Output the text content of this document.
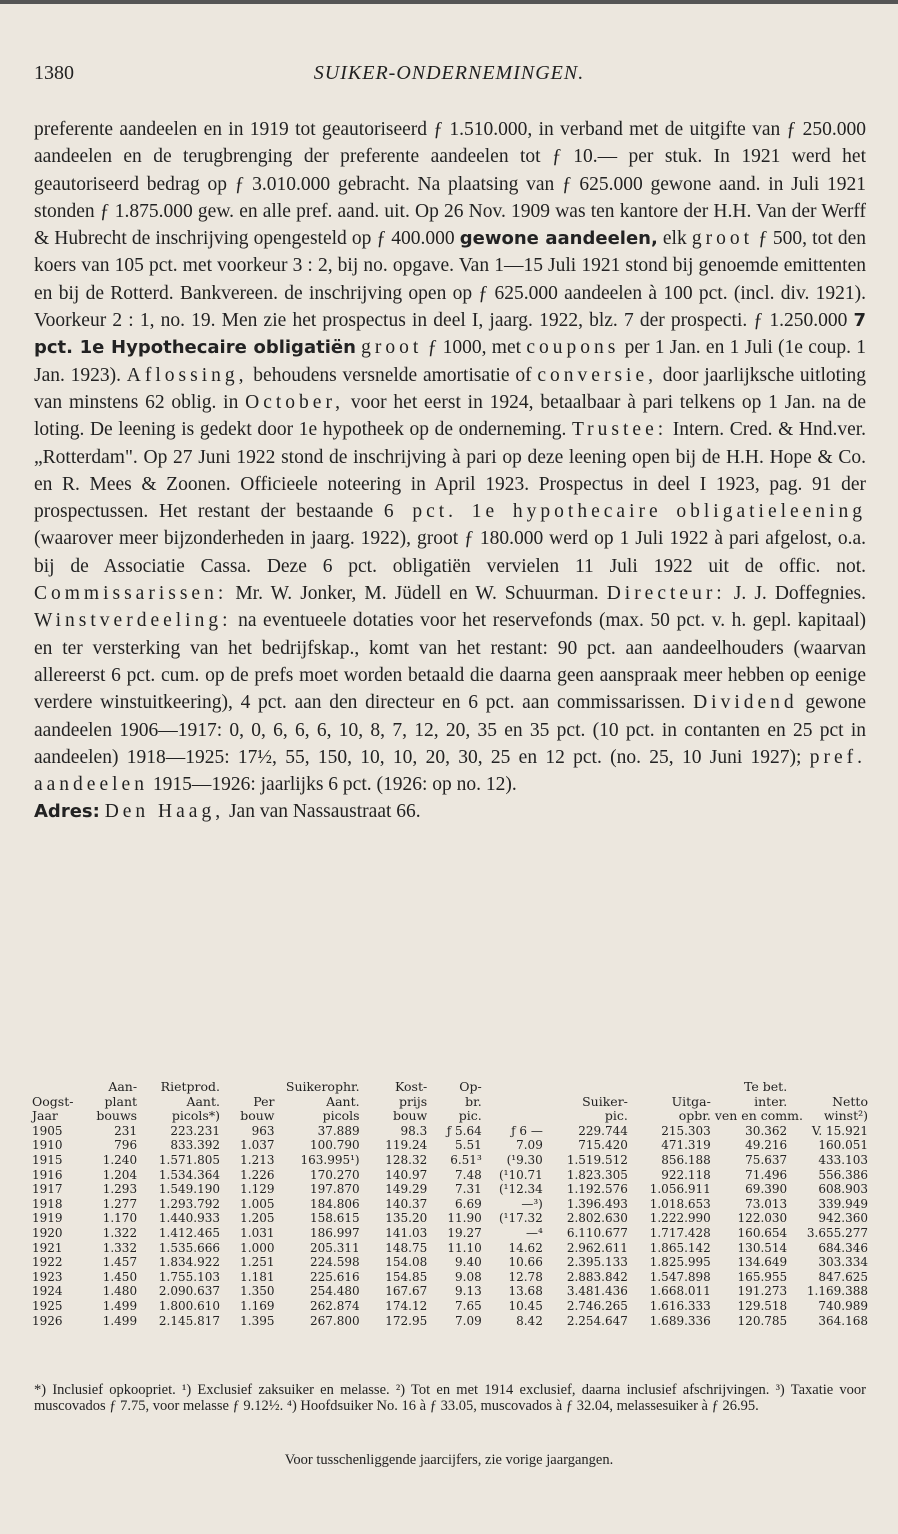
1380	SUIKER-ONDERNEMINGEN.

preferente aandeelen en in 1919 tot geautoriseerd ƒ 1.510.000, in verband met de uitgifte van ƒ 250.000 aandeelen en de terugbrenging der preferente aandeelen tot ƒ 10.— per stuk. In 1921 werd het geautoriseerd bedrag op ƒ 3.010.000 gebracht. Na plaatsing van ƒ 625.000 gewone aand. in Juli 1921 stonden ƒ 1.875.000 gew. en alle pref. aand. uit. Op 26 Nov. 1909 was ten kantore der H.H. Van der Werff & Hubrecht de inschrijving opengesteld op ƒ 400.000 gewone aandeelen, elk groot ƒ 500, tot den koers van 105 pct. met voorkeur 3 : 2, bij no. opgave. Van 1—15 Juli 1921 stond bij genoemde emittenten en bij de Rotterd. Bankvereen. de inschrijving open op ƒ 625.000 aandeelen à 100 pct. (incl. div. 1921). Voorkeur 2 : 1, no. 19. Men zie het prospectus in deel I, jaarg. 1922, blz. 7 der prospecti. ƒ 1.250.000 7 pct. 1e Hypothecaire obligatiën groot ƒ 1000, met coupons per 1 Jan. en 1 Juli (1e coup. 1 Jan. 1923). Aflossing, behoudens versnelde amortisatie of conversie, door jaarlijksche uitloting van minstens 62 oblig. in October, voor het eerst in 1924, betaalbaar à pari telkens op 1 Jan. na de loting. De leening is gedekt door 1e hypotheek op de onderneming. Trustee: Intern. Cred. & Hnd.ver. „Rotterdam". Op 27 Juni 1922 stond de inschrijving à pari op deze leening open bij de H.H. Hope & Co. en R. Mees & Zoonen. Officieele noteering in April 1923. Prospectus in deel I 1923, pag. 91 der prospectussen. Het restant der bestaande 6 pct. 1e hypothecaire obligatieleening (waarover meer bijzonderheden in jaarg. 1922), groot ƒ 180.000 werd op 1 Juli 1922 à pari afgelost, o.a. bij de Associatie Cassa. Deze 6 pct. obligatiën vervielen 11 Juli 1922 uit de offic. not. Commissarissen: Mr. W. Jonker, M. Jüdell en W. Schuurman. Directeur: J. J. Doffegnies. Winstverdeeling: na eventueele dotaties voor het reservefonds (max. 50 pct. v. h. gepl. kapitaal) en ter versterking van het bedrijfskap., komt van het restant: 90 pct. aan aandeelhouders (waarvan allereerst 6 pct. cum. op de prefs moet worden betaald die daarna geen aanspraak meer hebben op eenige verdere winstuitkeering), 4 pct. aan den directeur en 6 pct. aan commissarissen. Dividend gewone aandeelen 1906—1917: 0, 0, 6, 6, 6, 10, 8, 7, 12, 20, 35 en 35 pct. (10 pct. in contanten en 25 pct in aandeelen) 1918—1925: 17½, 55, 150, 10, 10, 20, 30, 25 en 12 pct. (no. 25, 10 Juni 1927); pref. aandeelen 1915—1926: jaarlijks 6 pct. (1926: op no. 12).

Adres: Den Haag, Jan van Nassaustraat 66.

	Aan-	Rietprod.		Suikerophr.	Kost-	Op-				Te bet.	
Oogst-	plant	Aant.	Per	Aant.	prijs	br.	Suiker-		Uitga-	inter.	Netto
Jaar	bouws	picols*)	bouw	picols	bouw	pic.	pic.		opbr.	ven en comm.	winst²)
1905	231	223.231	963	37.889	98.3	ƒ 5.64	ƒ 6 —	229.744	215.303	30.362	V. 15.921
1910	796	833.392	1.037	100.790	119.24	5.51	7.09	715.420	471.319	49.216	160.051
1915	1.240	1.571.805	1.213	163.995¹)	128.32	6.51³	(¹9.30	1.519.512	856.188	75.637	433.103
1916	1.204	1.534.364	1.226	170.270	140.97	7.48	(¹10.71	1.823.305	922.118	71.496	556.386
1917	1.293	1.549.190	1.129	197.870	149.29	7.31	(¹12.34	1.192.576	1.056.911	69.390	608.903
1918	1.277	1.293.792	1.005	184.806	140.37	6.69	—³)	1.396.493	1.018.653	73.013	339.949
1919	1.170	1.440.933	1.205	158.615	135.20	11.90	(¹17.32	2.802.630	1.222.990	122.030	942.360
1920	1.322	1.412.465	1.031	186.997	141.03	19.27	—⁴	6.110.677	1.717.428	160.654	3.655.277
1921	1.332	1.535.666	1.000	205.311	148.75	11.10	14.62	2.962.611	1.865.142	130.514	684.346
1922	1.457	1.834.922	1.251	224.598	154.08	9.40	10.66	2.395.133	1.825.995	134.649	303.334
1923	1.450	1.755.103	1.181	225.616	154.85	9.08	12.78	2.883.842	1.547.898	165.955	847.625
1924	1.480	2.090.637	1.350	254.480	167.67	9.13	13.68	3.481.436	1.668.011	191.273	1.169.388
1925	1.499	1.800.610	1.169	262.874	174.12	7.65	10.45	2.746.265	1.616.333	129.518	740.989
1926	1.499	2.145.817	1.395	267.800	172.95	7.09	8.42	2.254.647	1.689.336	120.785	364.168
*) Inclusief opkoopriet. ¹) Exclusief zaksuiker en melasse. ²) Tot en met 1914 exclusief, daarna inclusief afschrijvingen. ³) Taxatie voor muscovados ƒ 7.75, voor melasse ƒ 9.12½. ⁴) Hoofdsuiker No. 16 à ƒ 33.05, muscovados à ƒ 32.04, melassesuiker à ƒ 26.95.
Voor tusschenliggende jaarcijfers, zie vorige jaargangen.
